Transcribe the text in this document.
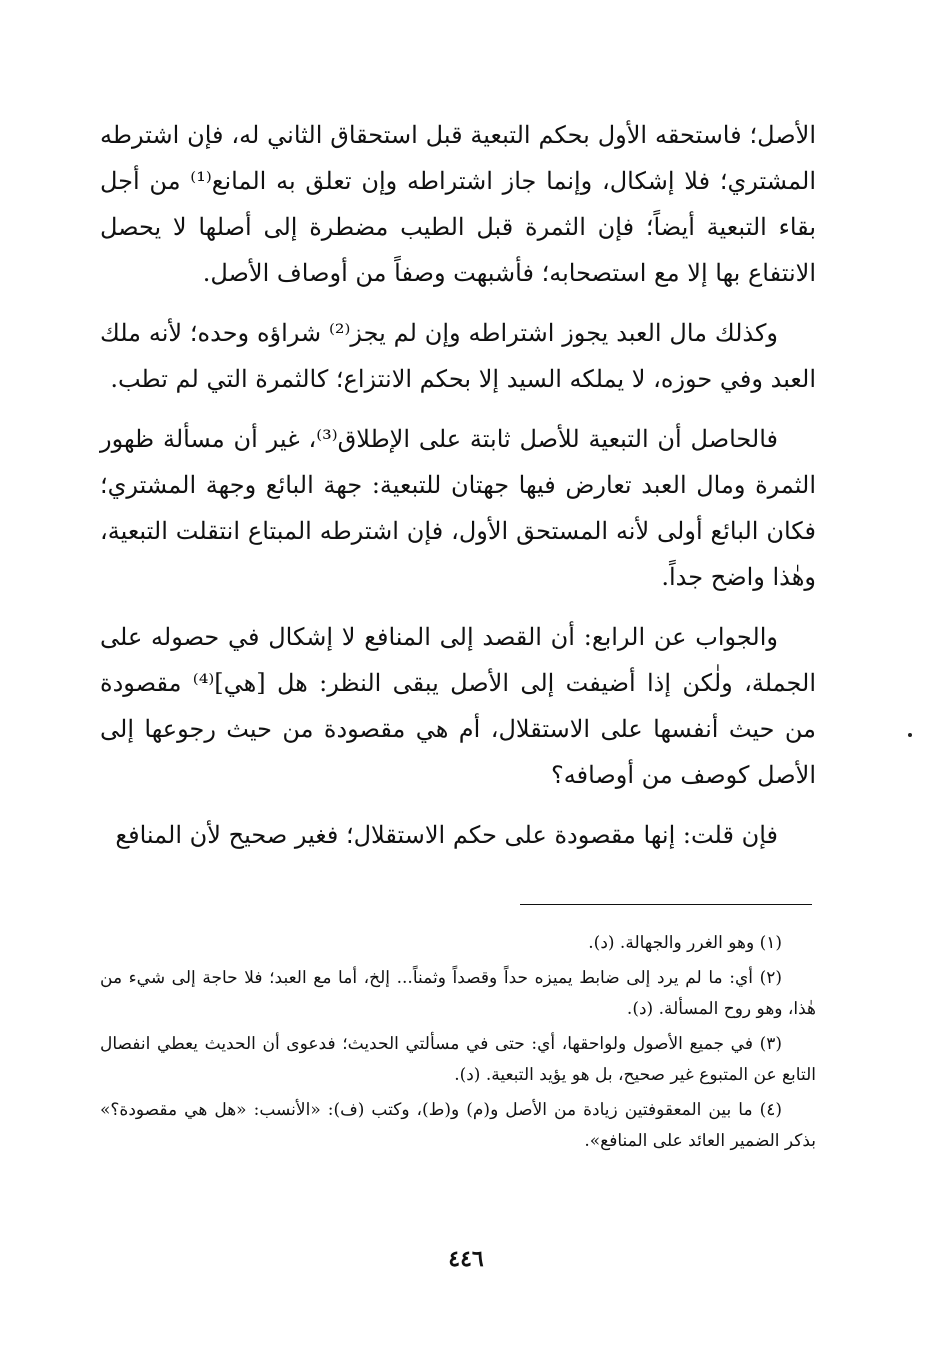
الأصل؛ فاستحقه الأول بحكم التبعية قبل استحقاق الثاني له، فإن اشترطه المشتري؛ فلا إشكال، وإنما جاز اشتراطه وإن تعلق به المانع⁽¹⁾ من أجل بقاء التبعية أيضاً؛ فإن الثمرة قبل الطيب مضطرة إلى أصلها لا يحصل الانتفاع بها إلا مع استصحابه؛ فأشبهت وصفاً من أوصاف الأصل.

وكذلك مال العبد يجوز اشتراطه وإن لم يجز⁽²⁾ شراؤه وحده؛ لأنه ملك العبد وفي حوزه، لا يملكه السيد إلا بحكم الانتزاع؛ كالثمرة التي لم تطب.

فالحاصل أن التبعية للأصل ثابتة على الإطلاق⁽³⁾، غير أن مسألة ظهور الثمرة ومال العبد تعارض فيها جهتان للتبعية: جهة البائع وجهة المشتري؛ فكان البائع أولى لأنه المستحق الأول، فإن اشترطه المبتاع انتقلت التبعية، وهٰذا واضح جداً.

والجواب عن الرابع: أن القصد إلى المنافع لا إشكال في حصوله على الجملة، ولٰكن إذا أضيفت إلى الأصل يبقى النظر: هل [هي]⁽⁴⁾ مقصودة من حيث أنفسها على الاستقلال، أم هي مقصودة من حيث رجوعها إلى الأصل كوصف من أوصافه؟

فإن قلت: إنها مقصودة على حكم الاستقلال؛ فغير صحيح لأن المنافع

(١) وهو الغرر والجهالة. (د).

(٢) أي: ما لم يرد إلى ضابط يميزه حداً وقصداً وثمناً... إلخ، أما مع العبد؛ فلا حاجة إلى شيء من هٰذا، وهو روح المسألة. (د).

(٣) في جميع الأصول ولواحقها، أي: حتى في مسألتي الحديث؛ فدعوى أن الحديث يعطي انفصال التابع عن المتبوع غير صحيح، بل هو يؤيد التبعية. (د).

(٤) ما بين المعقوفتين زيادة من الأصل و(م) و(ط)، وكتب (ف): «الأنسب: «هل هي مقصودة؟» بذكر الضمير العائد على المنافع».

٤٤٦
